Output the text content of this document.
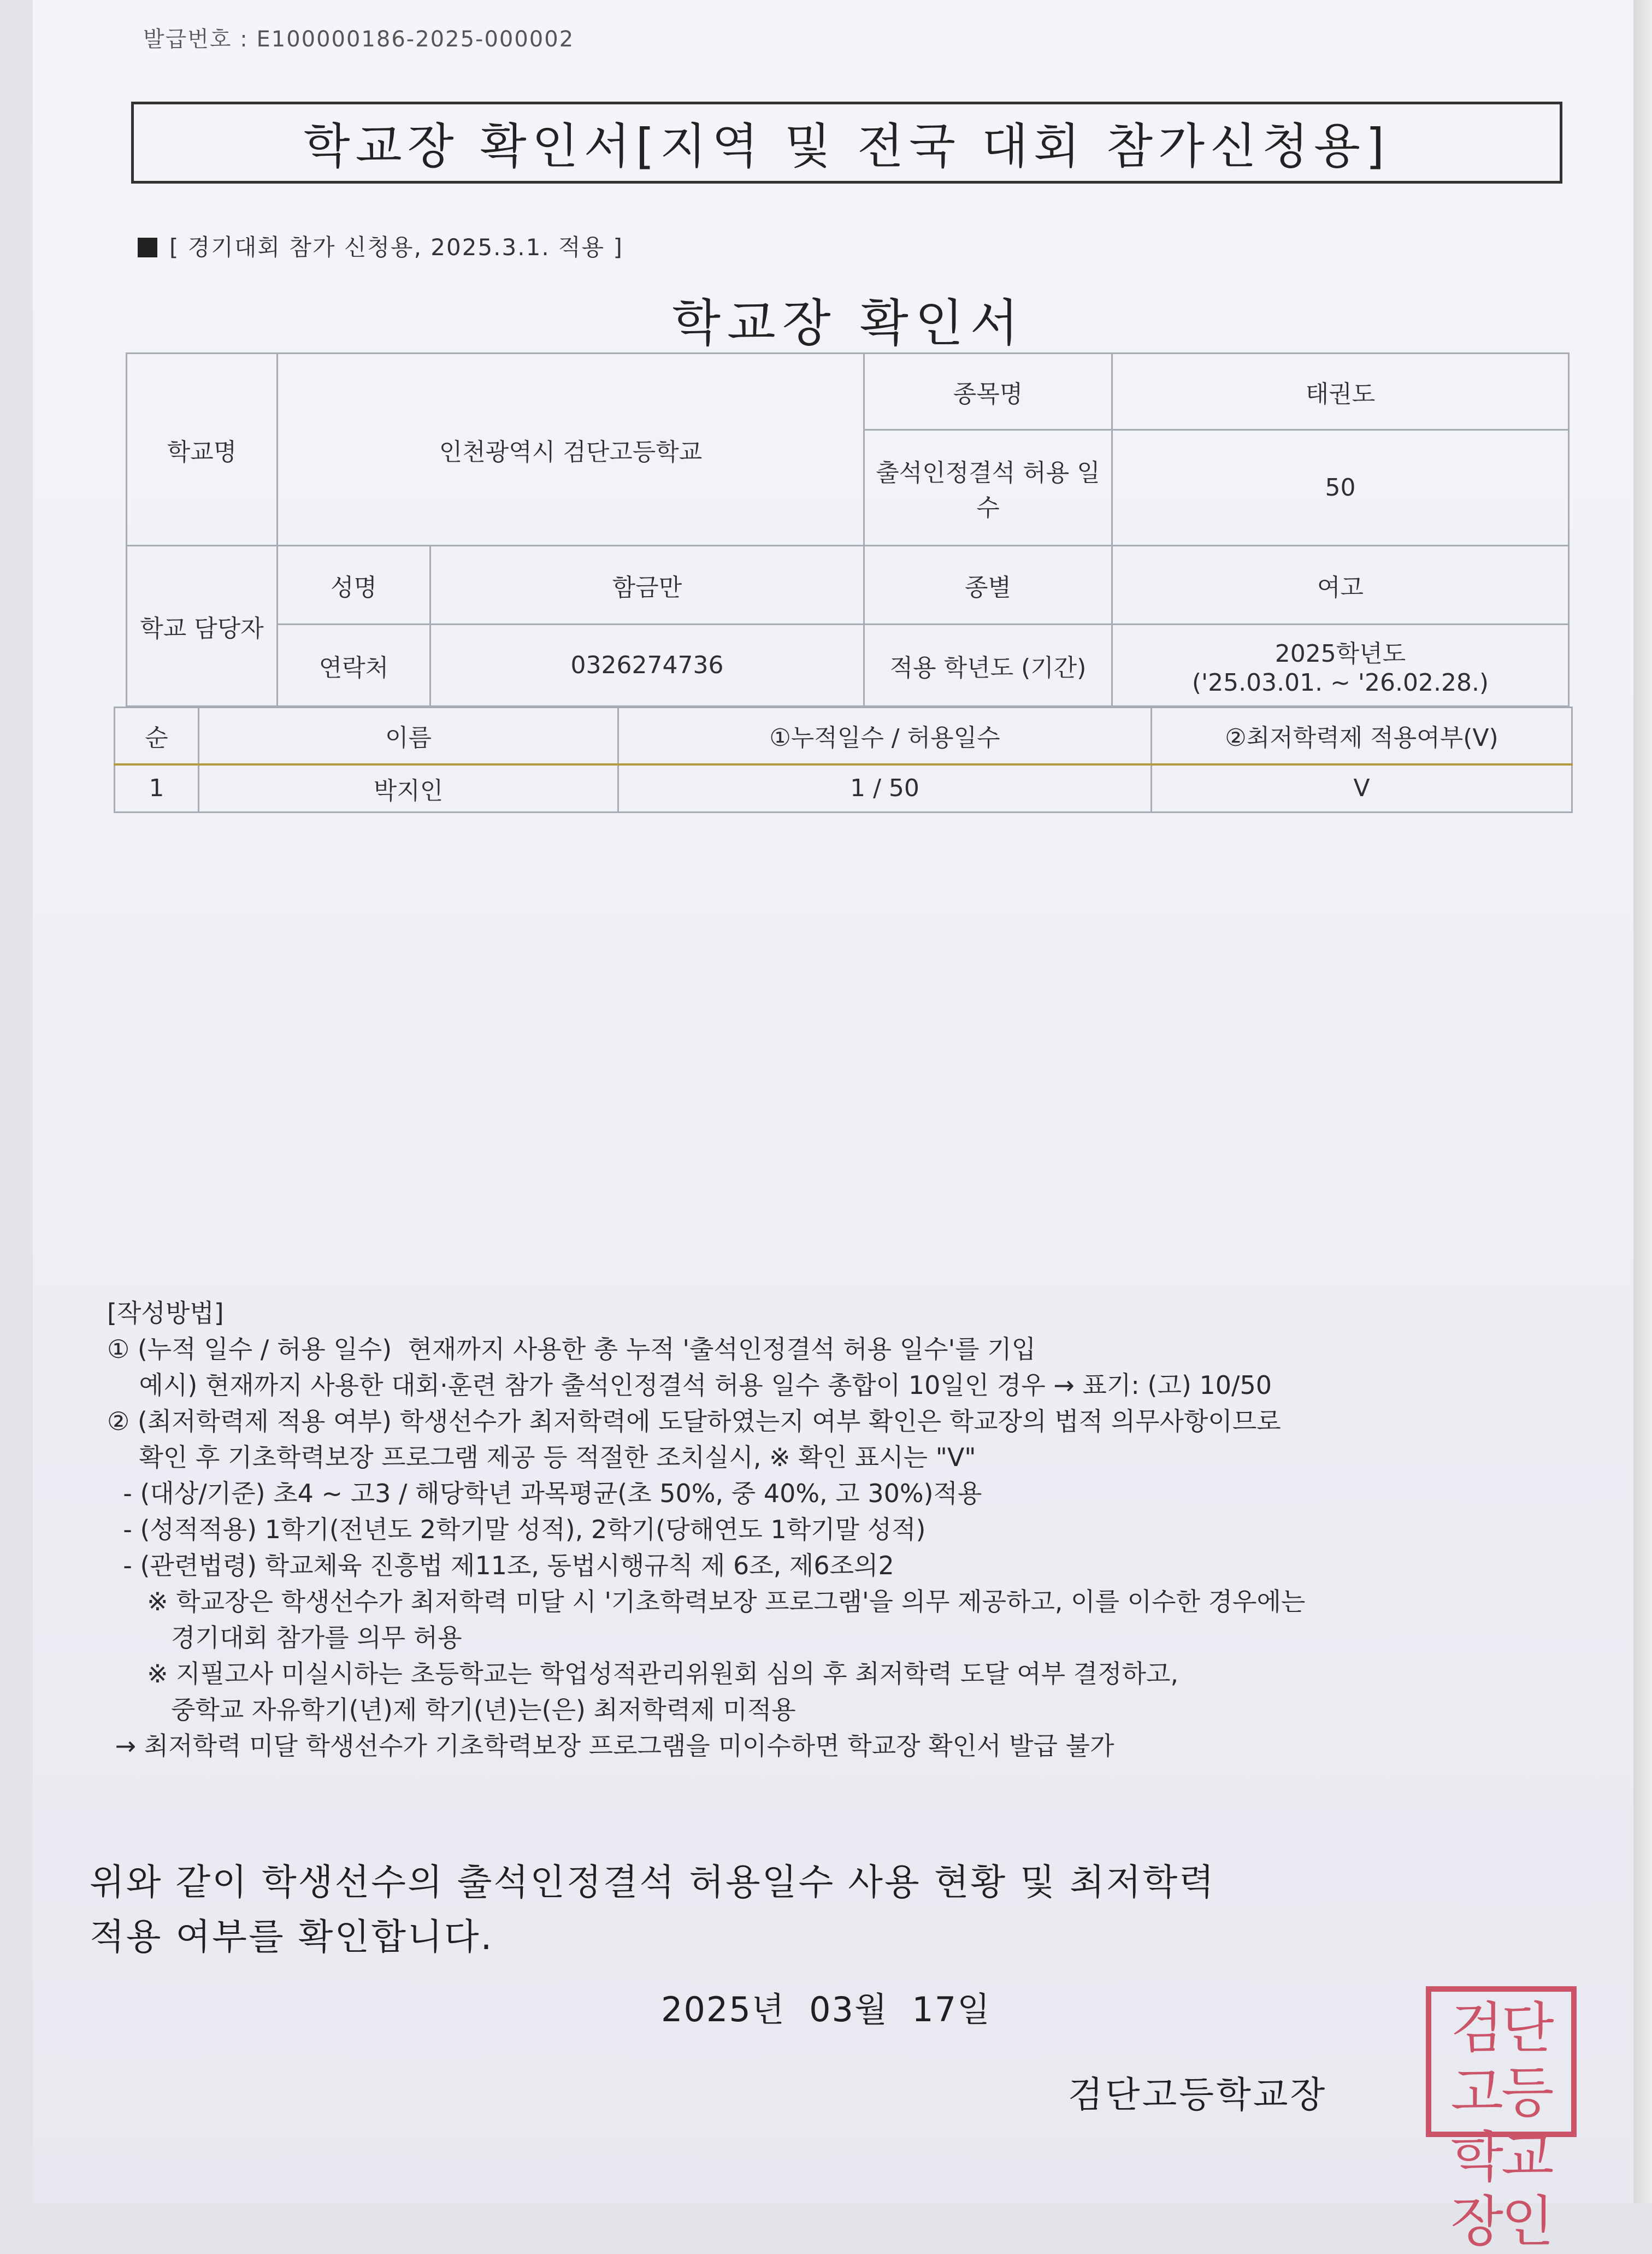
발급번호 : E100000186-2025-000002
학교장 확인서[지역 및 전국 대회 참가신청용]
[ 경기대회 참가 신청용, 2025.3.1. 적용 ]
학교장 확인서
학교명	인천광역시 검단고등학교		종목명	태권도
			출석인정결석 허용 일수	50
학교 담당자	성명	함금만	종별	여고
	연락처	0326274736	적용 학년도 (기간)	2025학년도
('25.03.01. ~ '26.02.28.)
순	이름	①누적일수 / 허용일수	②최저학력제 적용여부(V)
1	박지인	1 / 50	V
[작성방법]
① (누적 일수 / 허용 일수)  현재까지 사용한 총 누적 '출석인정결석 허용 일수'를 기입
예시) 현재까지 사용한 대회·훈련 참가 출석인정결석 허용 일수 총합이 10일인 경우 → 표기: (고) 10/50
② (최저학력제 적용 여부) 학생선수가 최저학력에 도달하였는지 여부 확인은 학교장의 법적 의무사항이므로
확인 후 기초학력보장 프로그램 제공 등 적절한 조치실시, ※ 확인 표시는 "V"
- (대상/기준) 초4 ~ 고3 / 해당학년 과목평균(초 50%, 중 40%, 고 30%)적용
- (성적적용) 1학기(전년도 2학기말 성적), 2학기(당해연도 1학기말 성적)
- (관련법령) 학교체육 진흥법 제11조, 동법시행규칙 제 6조, 제6조의2
※ 학교장은 학생선수가 최저학력 미달 시 '기초학력보장 프로그램'을 의무 제공하고, 이를 이수한 경우에는
경기대회 참가를 의무 허용
※ 지필고사 미실시하는 초등학교는 학업성적관리위원회 심의 후 최저학력 도달 여부 결정하고,
중학교 자유학기(년)제 학기(년)는(은) 최저학력제 미적용
→ 최저학력 미달 학생선수가 기초학력보장 프로그램을 미이수하면 학교장 확인서 발급 불가
위와 같이 학생선수의 출석인정결석 허용일수 사용 현황 및 최저학력
적용 여부를 확인합니다.
2025년  03월  17일
검단고등학교장
검단고등
학교장인
